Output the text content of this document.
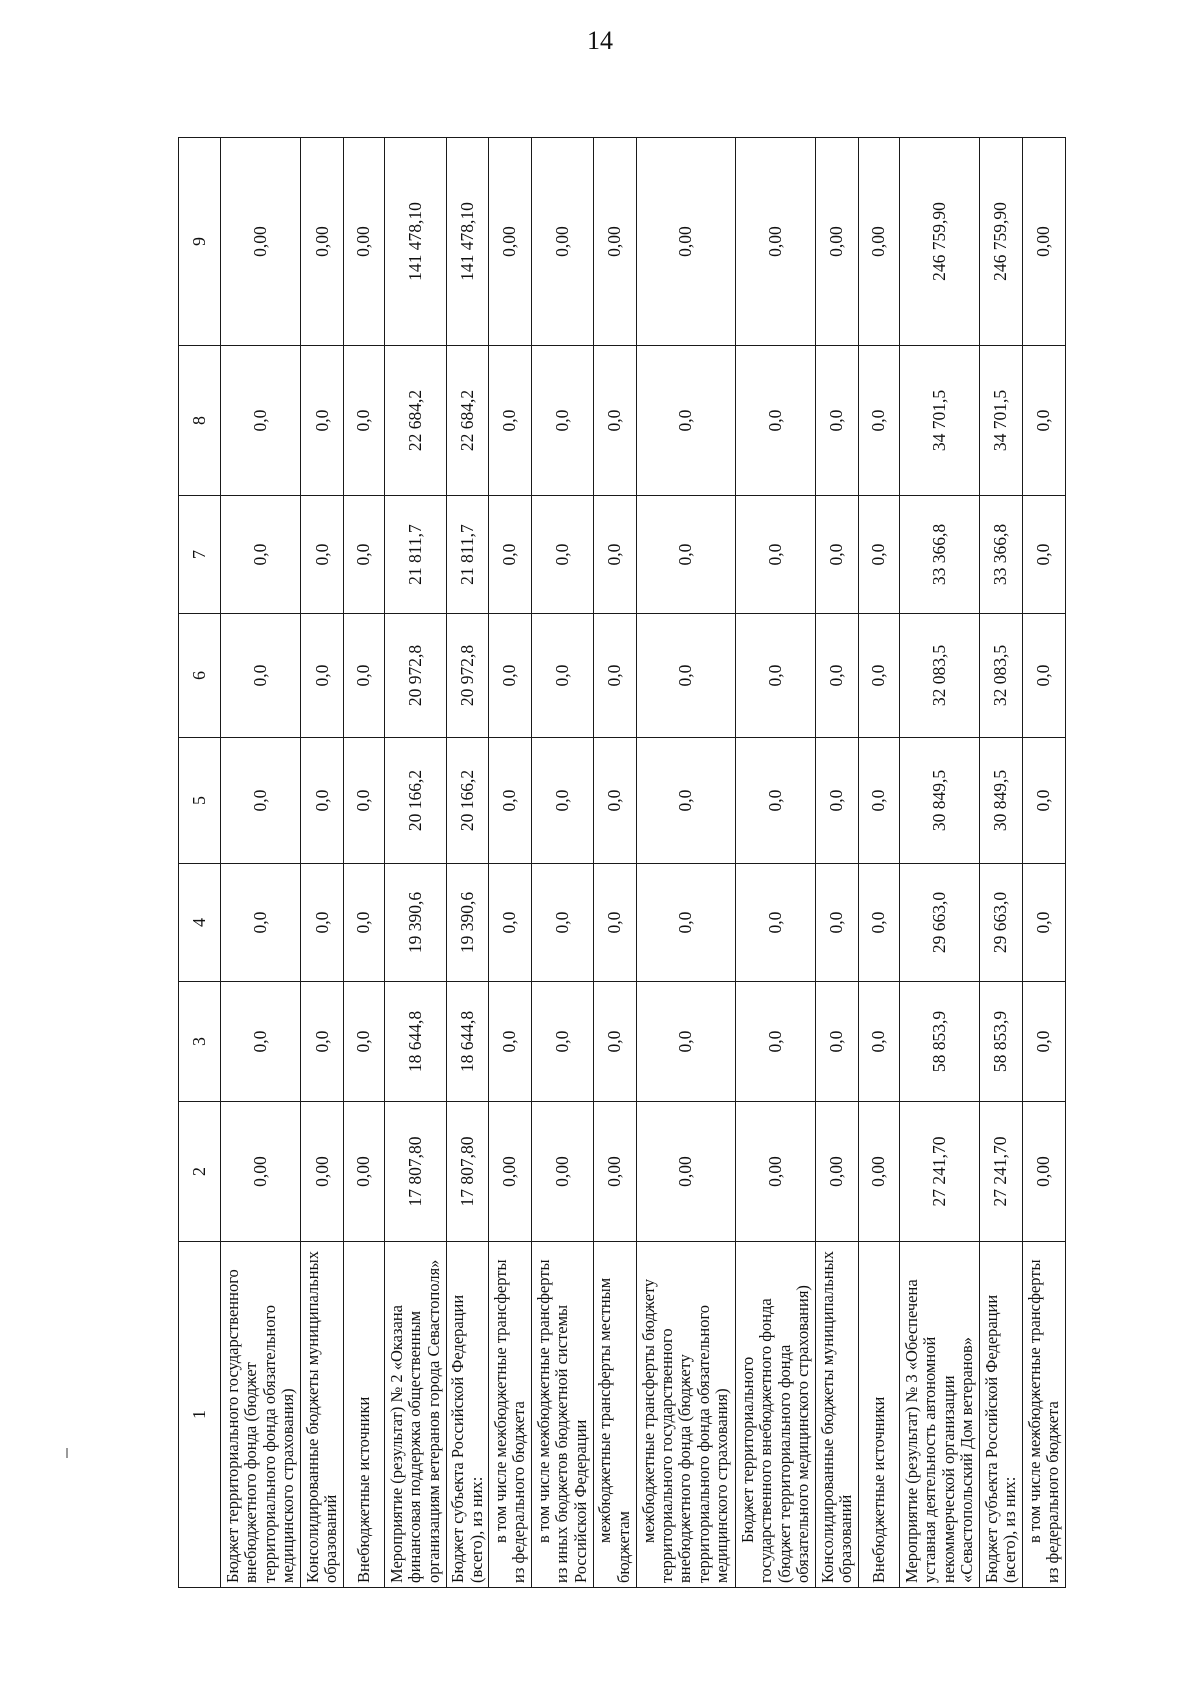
14
1	2	3	4	5	6	7	8	9
Бюджет территориального государственного внебюджетного фонда (бюджет территориального фонда обязательного медицинского страхования)	0,00	0,0	0,0	0,0	0,0	0,0	0,0	0,00
Консолидированные бюджеты муниципальных образований	0,00	0,0	0,0	0,0	0,0	0,0	0,0	0,00
Внебюджетные источники	0,00	0,0	0,0	0,0	0,0	0,0	0,0	0,00
Мероприятие (результат) № 2 «Оказана финансовая поддержка общественным организациям ветеранов города Севастополя»	17 807,80	18 644,8	19 390,6	20 166,2	20 972,8	21 811,7	22 684,2	141 478,10
Бюджет субъекта Российской Федерации (всего), из них:	17 807,80	18 644,8	19 390,6	20 166,2	20 972,8	21 811,7	22 684,2	141 478,10
в том числе межбюджетные трансферты из федерального бюджета	0,00	0,0	0,0	0,0	0,0	0,0	0,0	0,00
в том числе межбюджетные трансферты из иных бюджетов бюджетной системы Российской Федерации	0,00	0,0	0,0	0,0	0,0	0,0	0,0	0,00
межбюджетные трансферты местным бюджетам	0,00	0,0	0,0	0,0	0,0	0,0	0,0	0,00
межбюджетные трансферты бюджету территориального государственного внебюджетного фонда (бюджету территориального фонда обязательного медицинского страхования)	0,00	0,0	0,0	0,0	0,0	0,0	0,0	0,00
Бюджет территориального государственного внебюджетного фонда (бюджет территориального фонда обязательного медицинского страхования)	0,00	0,0	0,0	0,0	0,0	0,0	0,0	0,00
Консолидированные бюджеты муниципальных образований	0,00	0,0	0,0	0,0	0,0	0,0	0,0	0,00
Внебюджетные источники	0,00	0,0	0,0	0,0	0,0	0,0	0,0	0,00
Мероприятие (результат) № 3 «Обеспечена уставная деятельность автономной некоммерческой организации «Севастопольский Дом ветеранов»	27 241,70	58 853,9	29 663,0	30 849,5	32 083,5	33 366,8	34 701,5	246 759,90
Бюджет субъекта Российской Федерации (всего), из них:	27 241,70	58 853,9	29 663,0	30 849,5	32 083,5	33 366,8	34 701,5	246 759,90
в том числе межбюджетные трансферты из федерального бюджета	0,00	0,0	0,0	0,0	0,0	0,0	0,0	0,00
